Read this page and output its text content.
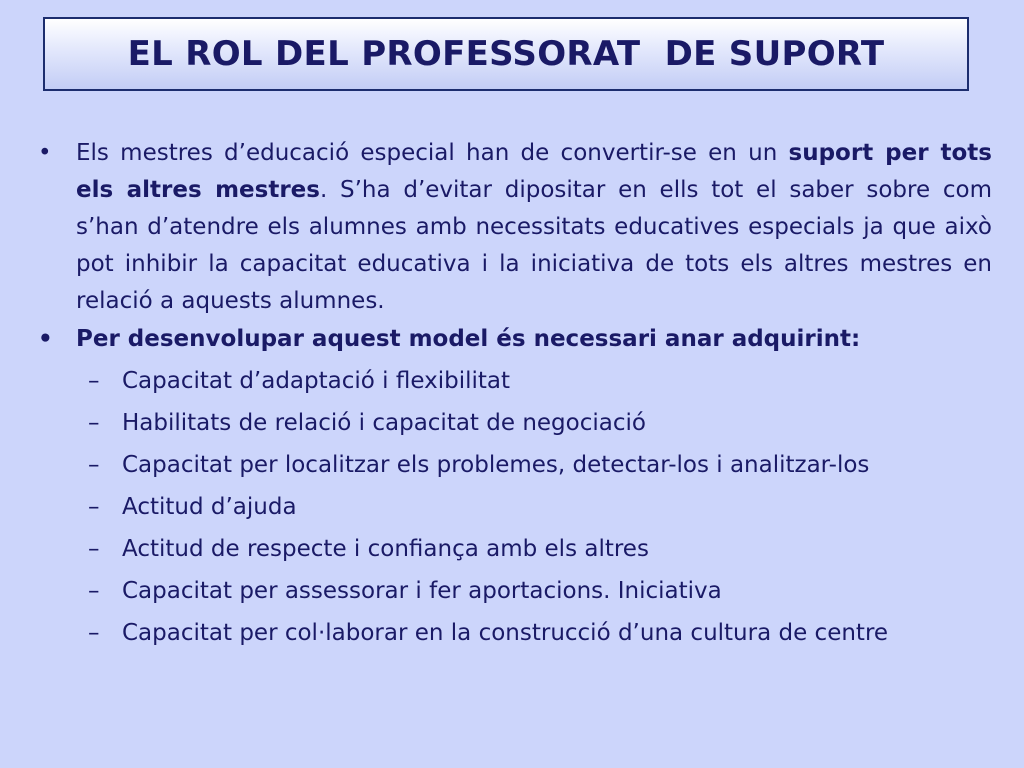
EL ROL DEL PROFESSORAT  DE SUPORT
• Els mestres d’educació especial han de convertir-se en un suport per tots els altres mestres. S’ha d’evitar dipositar en ells tot el saber sobre com s’han d’atendre els alumnes amb necessitats educatives especials ja que això pot inhibir la capacitat educativa i la iniciativa de tots els altres mestres en relació a aquests alumnes.
• Per desenvolupar aquest model és necessari anar adquirint:
– Capacitat d’adaptació i flexibilitat
– Habilitats de relació i capacitat de negociació
– Capacitat per localitzar els problemes, detectar-los i analitzar-los
– Actitud d’ajuda
– Actitud de respecte i confiança amb els altres
– Capacitat per assessorar i fer aportacions. Iniciativa
– Capacitat per col·laborar en la construcció d’una cultura de centre
